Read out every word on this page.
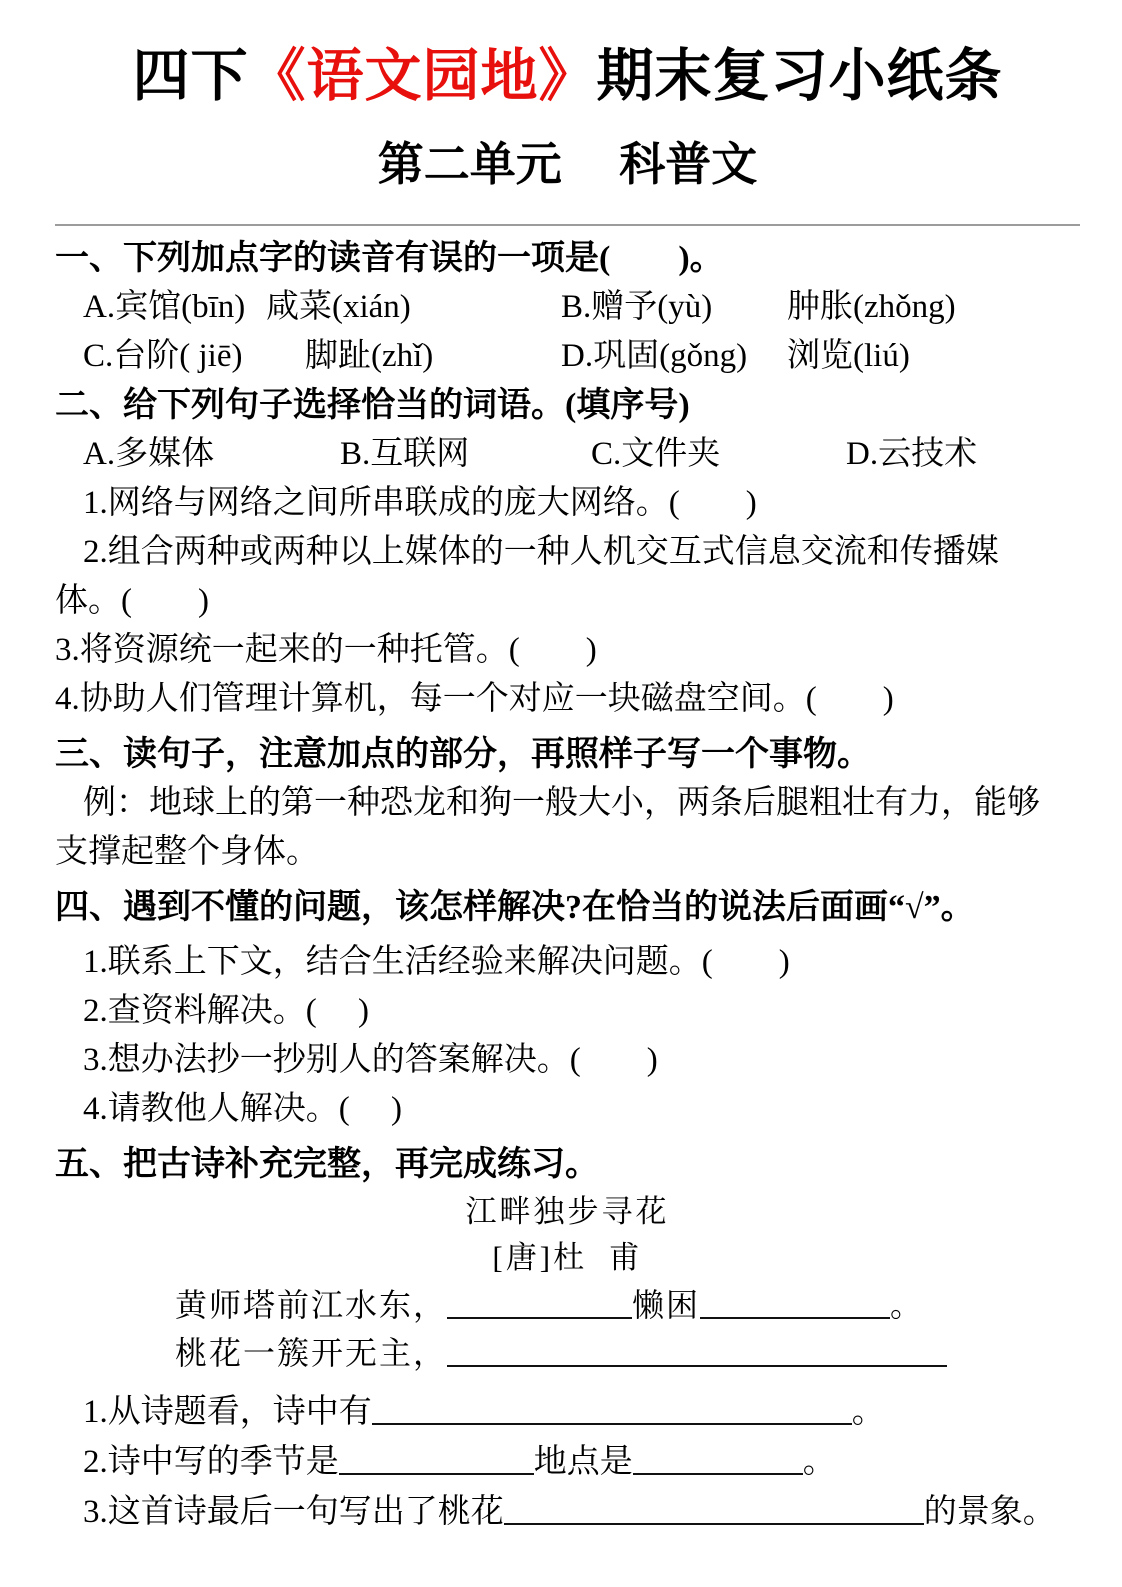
四下《语文园地》期末复习小纸条
第二单元　 科普文

一、下列加点字的读音有误的一项是(　　)。

A.宾馆(bīn) 咸菜(xián)	B.赠予(yù)	肿胀(zhǒng)
C.台阶( jiē)	脚趾(zhǐ)	D.巩固(gǒng)	浏览(liú)

二、给下列句子选择恰当的词语。(填序号)

A.多媒体	B.互联网	C.文件夹	D.云技术

1.网络与网络之间所串联成的庞大网络。(　　)

2.组合两种或两种以上媒体的一种人机交互式信息交流和传播媒体。(　　)

3.将资源统一起来的一种托管。(　　)

4.协助人们管理计算机，每一个对应一块磁盘空间。(　　)

三、读句子，注意加点的部分，再照样子写一个事物。

例：地球上的第一种恐龙和狗一般大小，两条后腿粗壮有力，能够支撑起整个身体。

四、遇到不懂的问题，该怎样解决?在恰当的说法后面画“√”。

1.联系上下文，结合生活经验来解决问题。(　　)

2.查资料解决。(　 )

3.想办法抄一抄别人的答案解决。(　　)

4.请教他人解决。(　 )

五、把古诗补充完整，再完成练习。

江畔独步寻花

[唐]杜  甫

黄师塔前江水东，	懒困	。

桃花一簇开无主，

1.从诗题看，诗中有	。

2.诗中写的季节是	地点是	。

3.这首诗最后一句写出了桃花	的景象。
